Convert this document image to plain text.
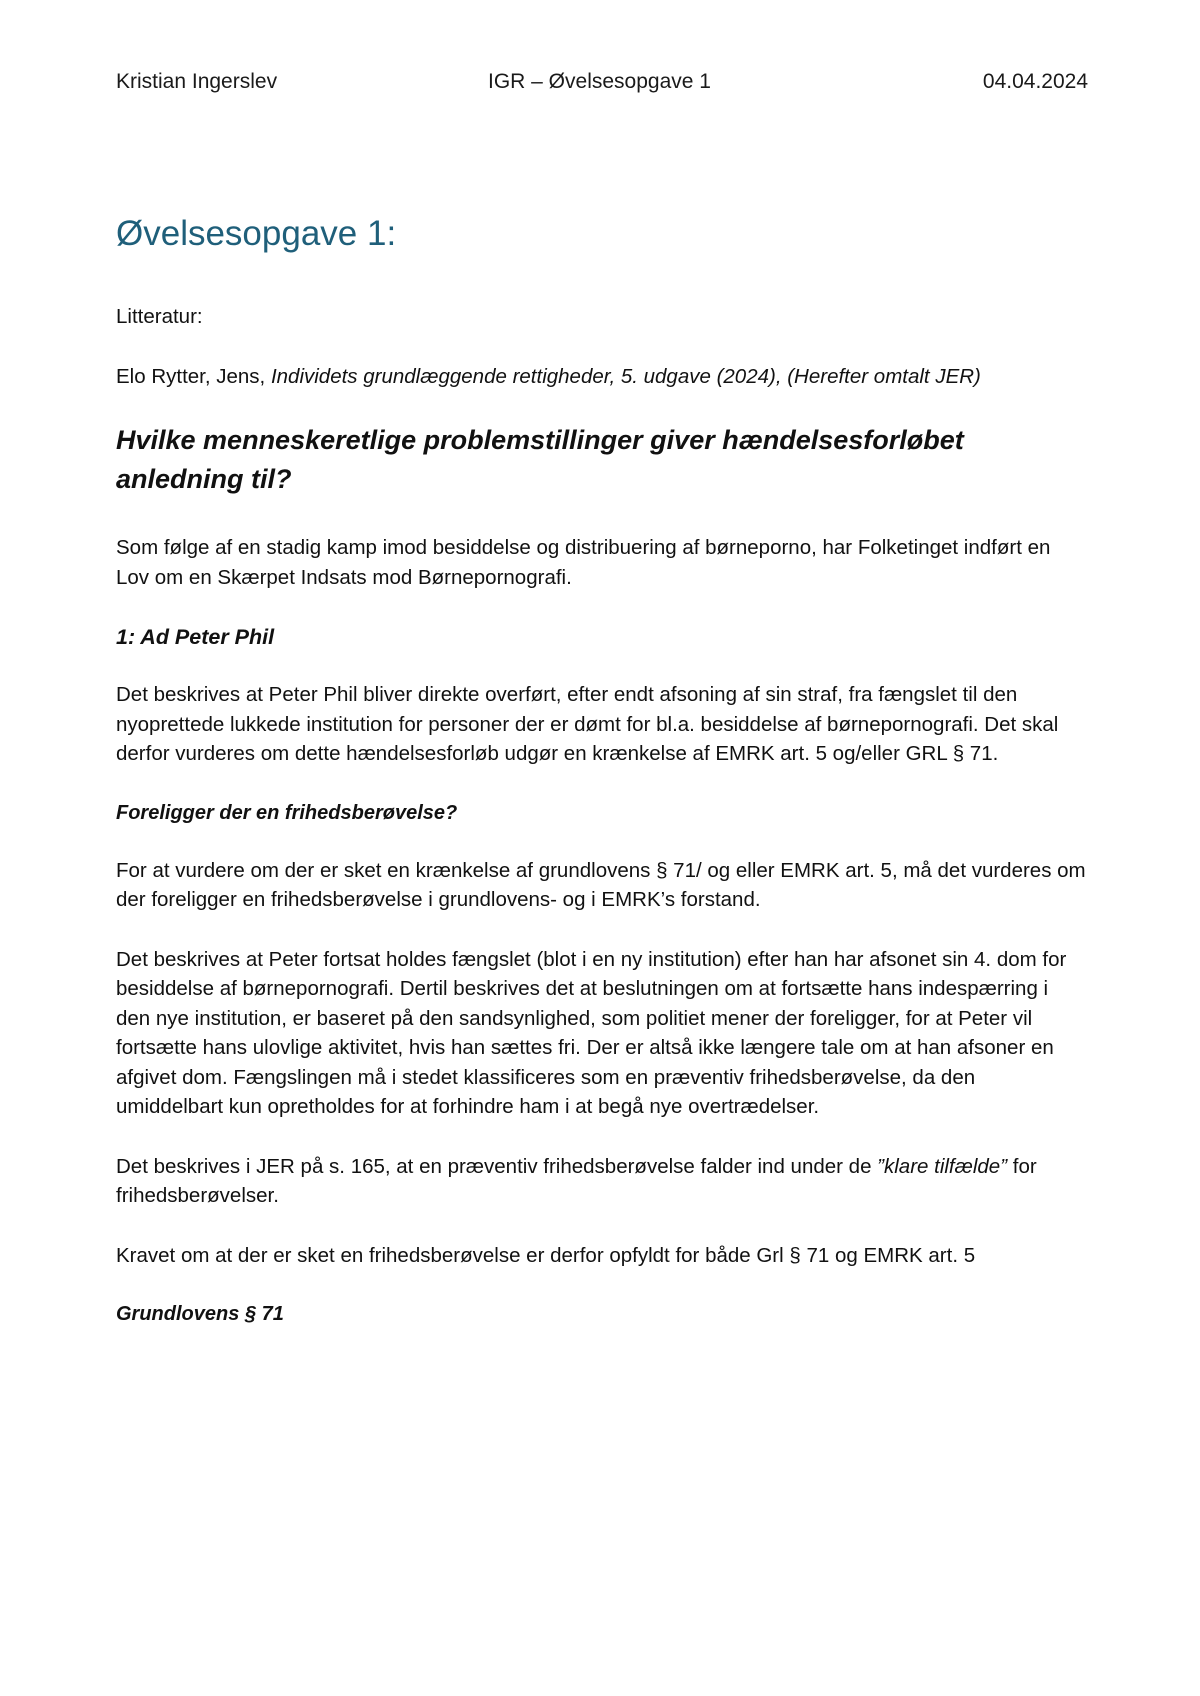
Kristian Ingerslev	IGR – Øvelsesopgave 1	04.04.2024
Øvelsesopgave 1:

Litteratur:

Elo Rytter, Jens, Individets grundlæggende rettigheder, 5. udgave (2024), (Herefter omtalt JER)

Hvilke menneskeretlige problemstillinger giver hændelsesforløbet anledning til?

Som følge af en stadig kamp imod besiddelse og distribuering af børneporno, har Folketinget indført en Lov om en Skærpet Indsats mod Børnepornografi.

1: Ad Peter Phil

Det beskrives at Peter Phil bliver direkte overført, efter endt afsoning af sin straf, fra fængslet til den nyoprettede lukkede institution for personer der er dømt for bl.a. besiddelse af børnepornografi. Det skal derfor vurderes om dette hændelsesforløb udgør en krænkelse af EMRK art. 5 og/eller GRL § 71.

Foreligger der en frihedsberøvelse?

For at vurdere om der er sket en krænkelse af grundlovens § 71/ og eller EMRK art. 5, må det vurderes om der foreligger en frihedsberøvelse i grundlovens- og i EMRK’s forstand.

Det beskrives at Peter fortsat holdes fængslet (blot i en ny institution) efter han har afsonet sin 4. dom for besiddelse af børnepornografi. Dertil beskrives det at beslutningen om at fortsætte hans indespærring i den nye institution, er baseret på den sandsynlighed, som politiet mener der foreligger, for at Peter vil fortsætte hans ulovlige aktivitet, hvis han sættes fri. Der er altså ikke længere tale om at han afsoner en afgivet dom. Fængslingen må i stedet klassificeres som en præventiv frihedsberøvelse, da den umiddelbart kun opretholdes for at forhindre ham i at begå nye overtrædelser.

Det beskrives i JER på s. 165, at en præventiv frihedsberøvelse falder ind under de ”klare tilfælde” for frihedsberøvelser.

Kravet om at der er sket en frihedsberøvelse er derfor opfyldt for både Grl § 71 og EMRK art. 5

Grundlovens § 71
